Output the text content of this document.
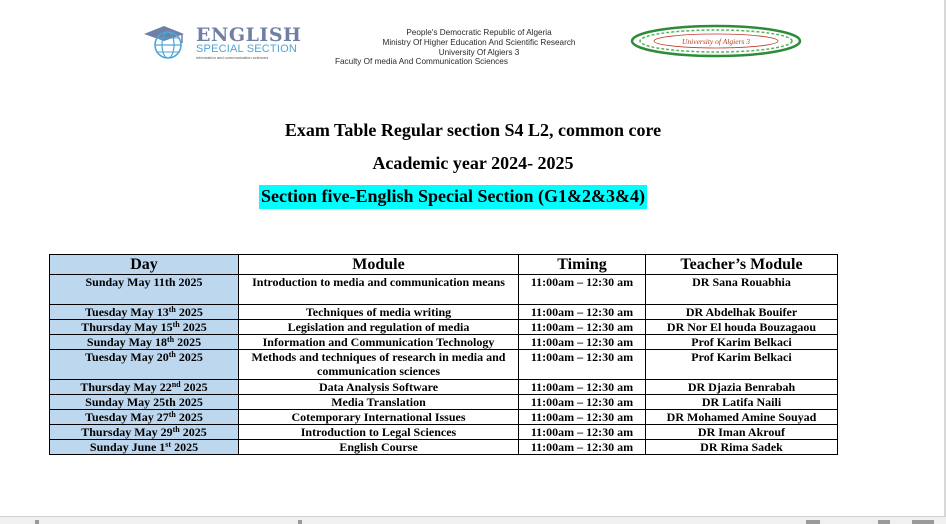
ENGLISH
SPECIAL SECTION
information and communication sciences
People's Democratic Republic of Algeria
Ministry Of Higher Education And Scientific Research
University Of Algiers 3
Faculty Of media And Communication Sciences
University of Algiers 3
Exam Table Regular section S4 L2, common core
Academic year 2024- 2025
Section five-English Special Section (G1&2&3&4)
Day	Module	Timing	Teacher’s Module
Sunday May 11th 2025	Introduction to media and communication means	11:00am – 12:30 am	DR Sana Rouabhia
Tuesday May 13th 2025	Techniques of media writing	11:00am – 12:30 am	DR Abdelhak Bouifer
Thursday May 15th 2025	Legislation and regulation of media	11:00am – 12:30 am	DR Nor El houda Bouzagaou
Sunday May 18th 2025	Information and Communication Technology	11:00am – 12:30 am	Prof Karim Belkaci
Tuesday May 20th 2025	Methods and techniques of research in media and communication sciences	11:00am – 12:30 am	Prof Karim Belkaci
Thursday May 22nd 2025	Data Analysis Software	11:00am – 12:30 am	DR Djazia Benrabah
Sunday May 25th 2025	Media Translation	11:00am – 12:30 am	DR Latifa Naili
Tuesday May 27th 2025	Cotemporary International Issues	11:00am – 12:30 am	DR Mohamed Amine Souyad
Thursday May 29th 2025	Introduction to Legal Sciences	11:00am – 12:30 am	DR Iman Akrouf
Sunday June 1st 2025	English Course	11:00am – 12:30 am	DR Rima Sadek
